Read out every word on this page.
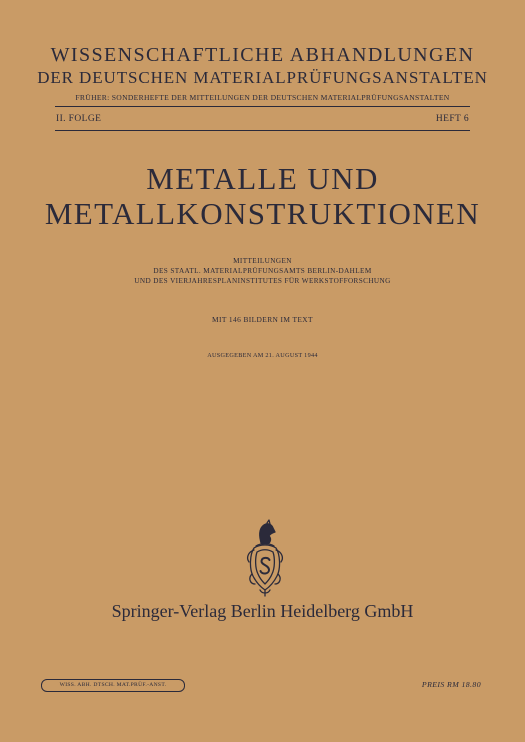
WISSENSCHAFTLICHE ABHANDLUNGEN
DER DEUTSCHEN MATERIALPRÜFUNGSANSTALTEN
FRÜHER: SONDERHEFTE DER MITTEILUNGEN DER DEUTSCHEN MATERIALPRÜFUNGSANSTALTEN
II. FOLGE	HEFT 6
METALLE UND
METALLKONSTRUKTIONEN
MITTEILUNGEN
DES STAATL. MATERIALPRÜFUNGSAMTS BERLIN-DAHLEM
UND DES VIERJAHRESPLANINSTITUTES FÜR WERKSTOFFORSCHUNG
MIT 146 BILDERN IM TEXT
AUSGEGEBEN AM 21. AUGUST 1944
Springer-Verlag Berlin Heidelberg GmbH
WISS. ABH. DTSCH. MAT.PRÜF.-ANST.	PREIS RM 18.80
